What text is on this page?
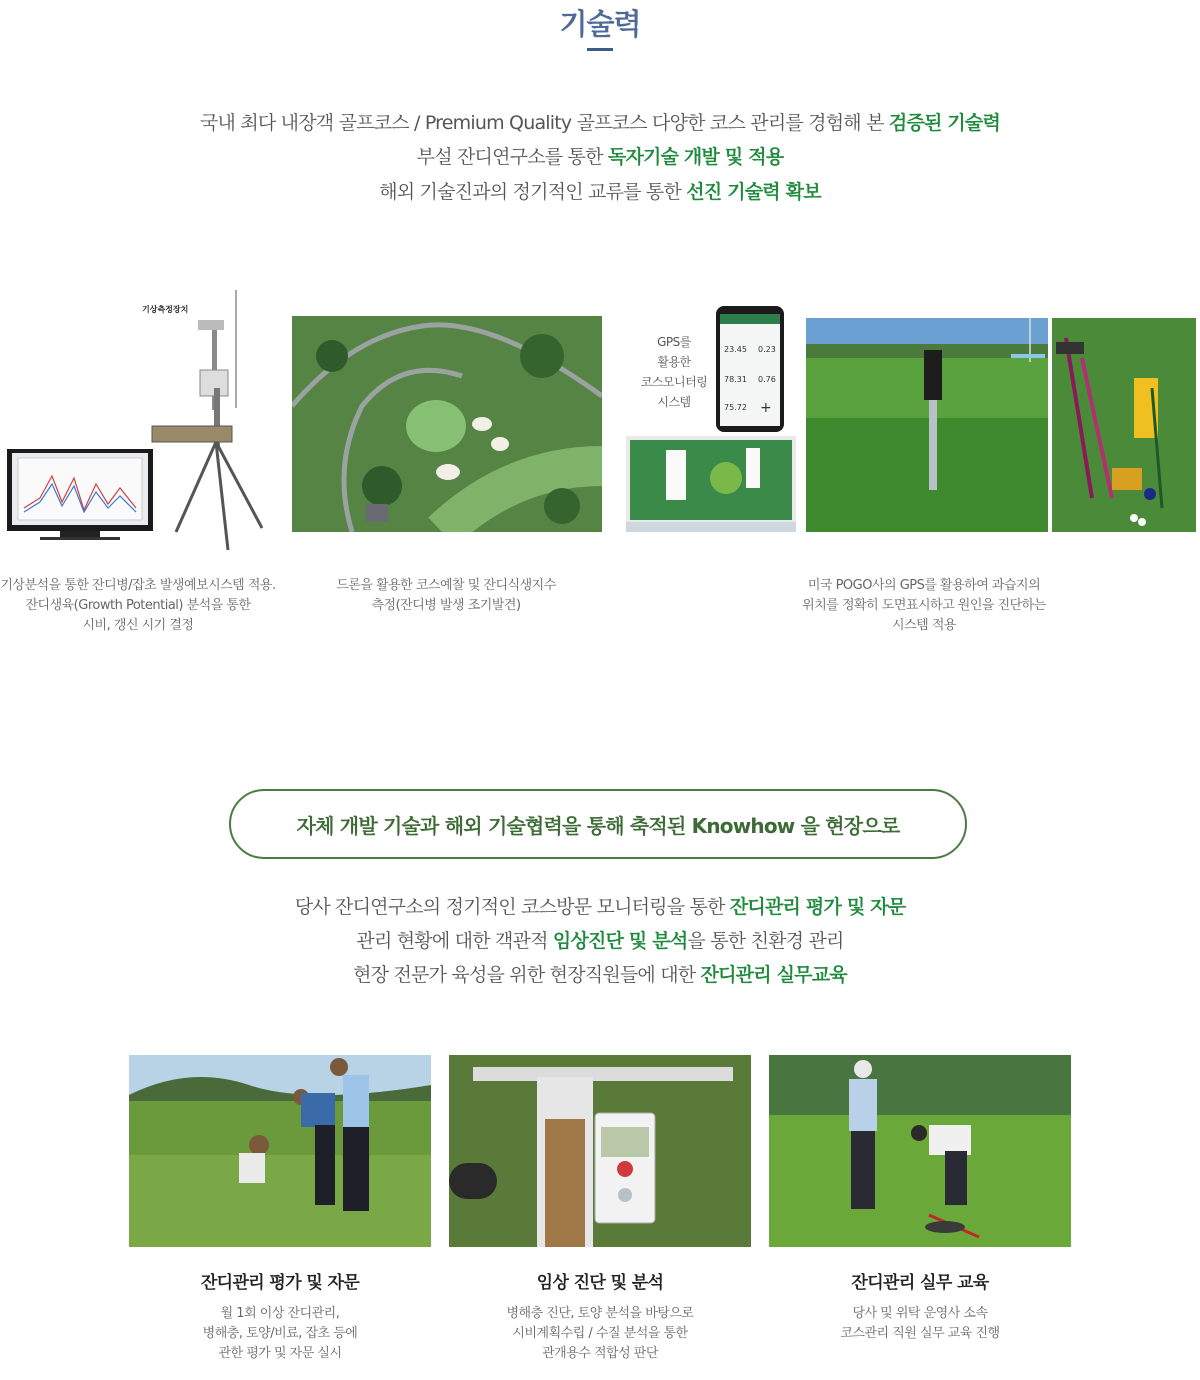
기술력
국내 최다 내장객 골프코스 / Premium Quality 골프코스 다양한 코스 관리를 경험해 본 검증된 기술력
부설 잔디연구소를 통한 독자기술 개발 및 적용
해외 기술진과의 정기적인 교류를 통한 선진 기술력 확보
기상측정장치
23.45 0.23
78.31 0.76
75.72 +
GPS를
활용한
코스모니터링
시스템
기상분석을 통한 잔디병/잡초 발생예보시스템 적용.
잔디생육(Growth Potential) 분석을 통한
시비, 갱신 시기 결정
드론을 활용한 코스예찰 및 잔디식생지수
측정(잔디병 발생 조기발견)
미국 POGO사의 GPS를 활용하여 과습지의
위치를 정확히 도면표시하고 원인을 진단하는
시스템 적용
자체 개발 기술과 해외 기술협력을 통해 축적된 Knowhow 을 현장으로
당사 잔디연구소의 정기적인 코스방문 모니터링을 통한 잔디관리 평가 및 자문
관리 현황에 대한 객관적 임상진단 및 분석을 통한 친환경 관리
현장 전문가 육성을 위한 현장직원들에 대한 잔디관리 실무교육
잔디관리 평가 및 자문	임상 진단 및 분석	잔디관리 실무 교육
월 1회 이상 잔디관리,
병해충, 토양/비료, 잡초 등에
관한 평가 및 자문 실시
병해충 진단, 토양 분석을 바탕으로
시비계획수립 / 수질 분석을 통한
관개용수 적합성 판단
당사 및 위탁 운영사 소속
코스관리 직원 실무 교육 진행
